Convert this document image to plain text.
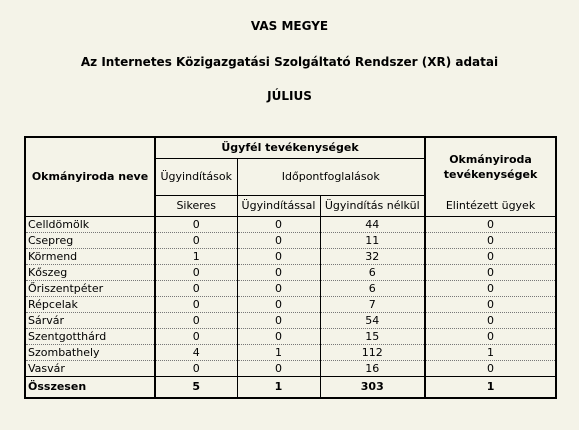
VAS MEGYE
Az Internetes Közigazgatási Szolgáltató Rendszer (XR) adatai
JÚLIUS
Okmányiroda neve	Ügyfél tevékenységek			Okmányiroda tevékenységek
	Ügyindítások	Időpontfoglalások		
	Sikeres	Ügyindítással	Ügyindítás nélkül	Elintézett ügyek
Celldömölk	0	0	44	0
Csepreg	0	0	11	0
Körmend	1	0	32	0
Kőszeg	0	0	6	0
Őriszentpéter	0	0	6	0
Répcelak	0	0	7	0
Sárvár	0	0	54	0
Szentgotthárd	0	0	15	0
Szombathely	4	1	112	1
Vasvár	0	0	16	0
Összesen	5	1	303	1
